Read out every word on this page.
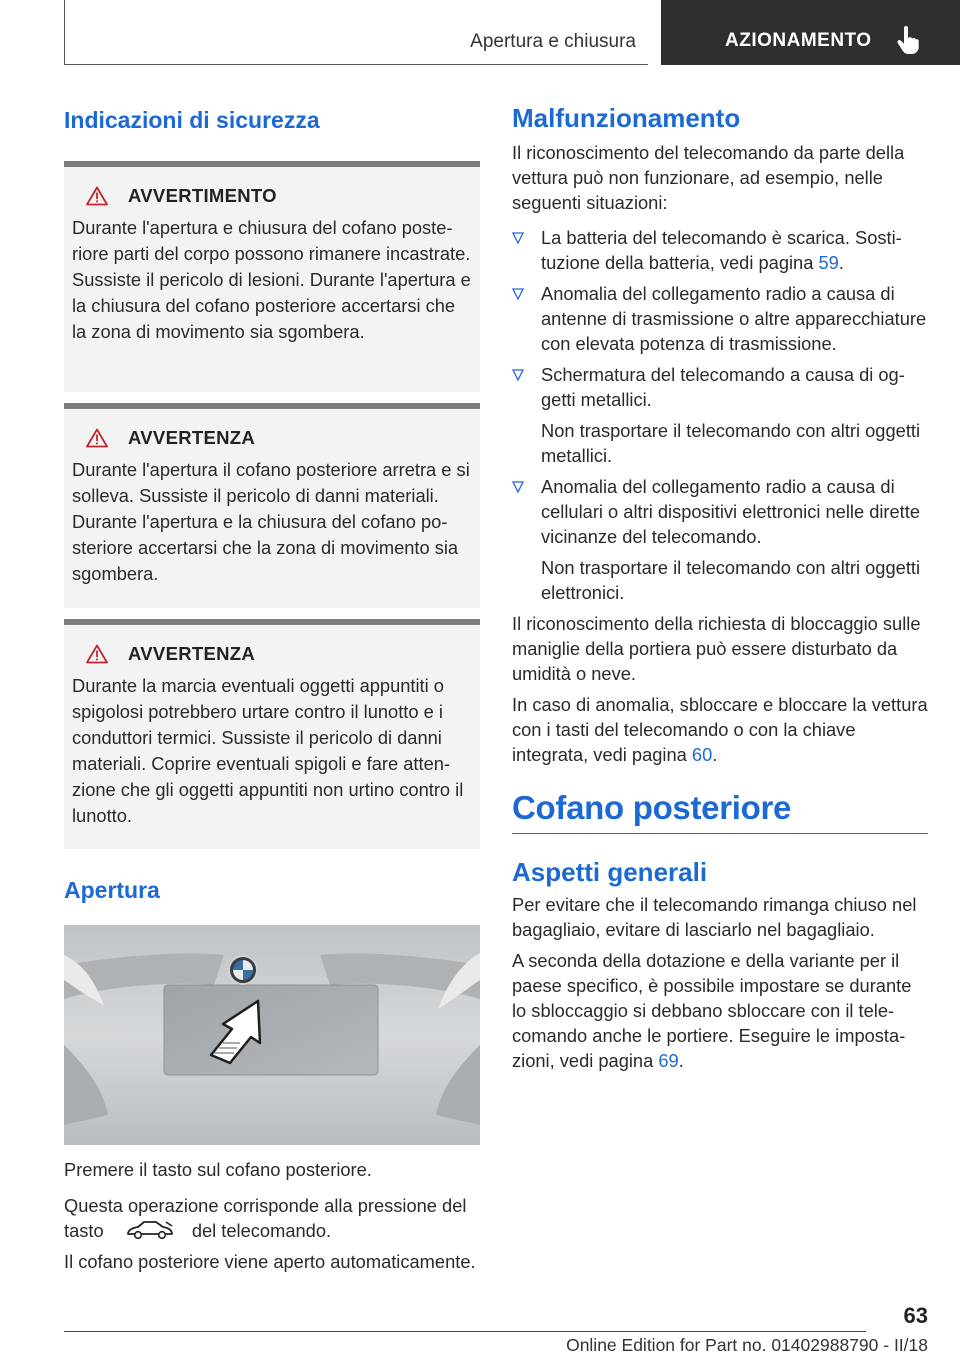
Apertura e chiusura	AZIONAMENTO
Indicazioni di sicurezza
AVVERTIMENTO

Durante l'apertura e chiusura del cofano posteriore parti del corpo possono rimanere incastrate. Sussiste il pericolo di lesioni. Durante l'apertura e la chiusura del cofano posteriore accertarsi che la zona di movimento sia sgombera.

AVVERTENZA

Durante l'apertura il cofano posteriore arretra e si solleva. Sussiste il pericolo di danni materiali. Durante l'apertura e la chiusura del cofano posteriore accertarsi che la zona di movimento sia sgombera.

AVVERTENZA

Durante la marcia eventuali oggetti appuntiti o spigolosi potrebbero urtare contro il lunotto e i conduttori termici. Sussiste il pericolo di danni materiali. Coprire eventuali spigoli e fare attenzione che gli oggetti appuntiti non urtino contro il lunotto.

Apertura

Premere il tasto sul cofano posteriore.

Questa operazione corrisponde alla pressione del tasto	del telecomando.

Il cofano posteriore viene aperto automaticamente.

Malfunzionamento

Il riconoscimento del telecomando da parte della vettura può non funzionare, ad esempio, nelle seguenti situazioni:

La batteria del telecomando è scarica. Sostituzione della batteria, vedi pagina 59.
Anomalia del collegamento radio a causa di antenne di trasmissione o altre apparecchiature con elevata potenza di trasmissione.
Schermatura del telecomando a causa di oggetti metallici.
Non trasportare il telecomando con altri oggetti metallici.
Anomalia del collegamento radio a causa di cellulari o altri dispositivi elettronici nelle dirette vicinanze del telecomando.
Non trasportare il telecomando con altri oggetti elettronici.

Il riconoscimento della richiesta di bloccaggio sulle maniglie della portiera può essere disturbato da umidità o neve.

In caso di anomalia, sbloccare e bloccare la vettura con i tasti del telecomando o con la chiave integrata, vedi pagina 60.

Cofano posteriore
Aspetti generali

Per evitare che il telecomando rimanga chiuso nel bagagliaio, evitare di lasciarlo nel bagagliaio.

A seconda della dotazione e della variante per il paese specifico, è possibile impostare se durante lo sbloccaggio si debbano sbloccare con il telecomando anche le portiere. Eseguire le impostazioni, vedi pagina 69.

63
Online Edition for Part no. 01402988790 - II/18
